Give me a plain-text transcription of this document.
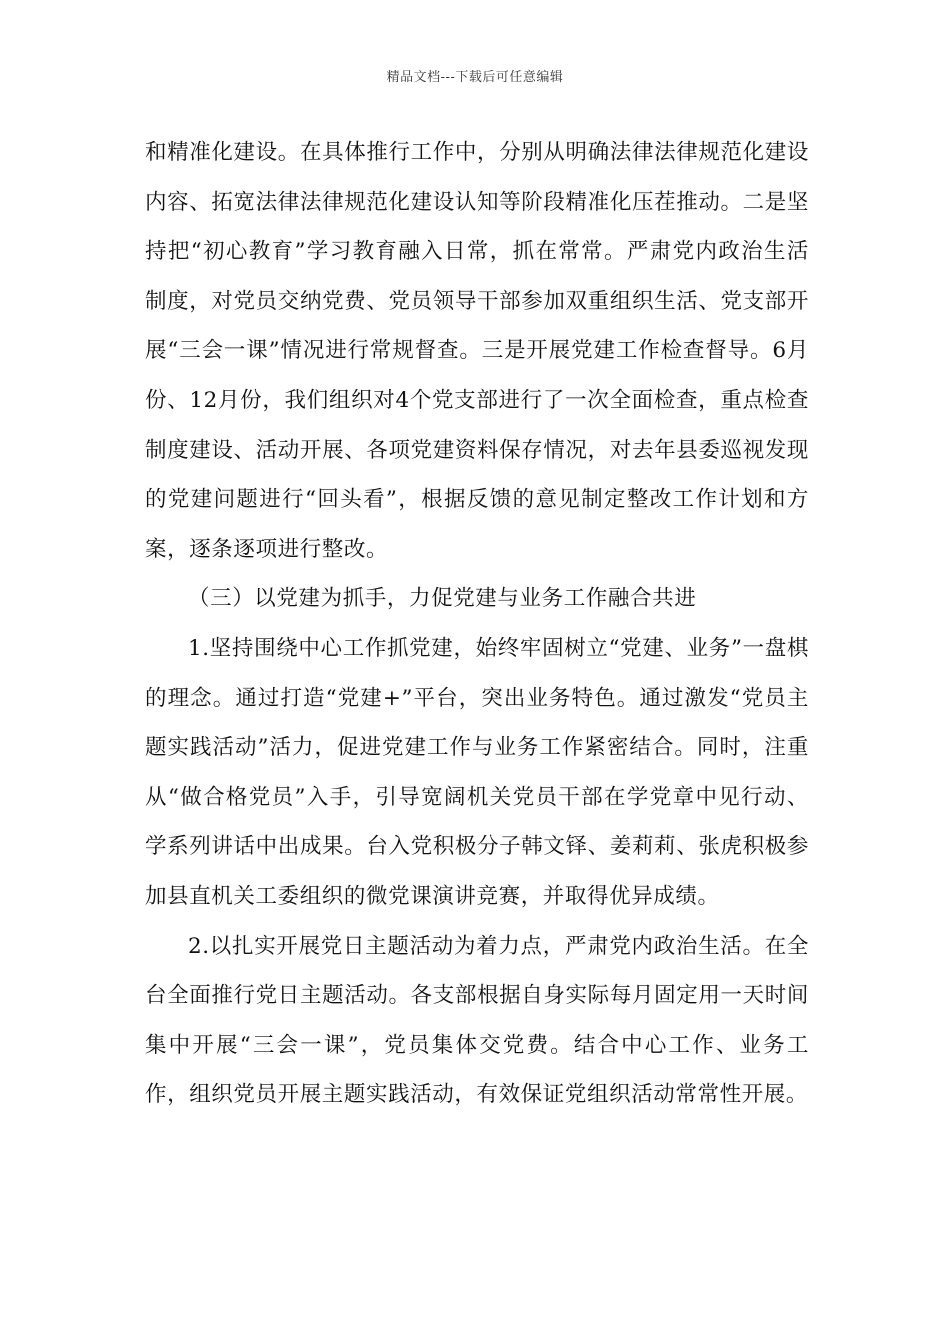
精品文档---下载后可任意编辑

和精准化建设。在具体推行工作中，分别从明确法律法律规范化建设内容、拓宽法律法律规范化建设认知等阶段精准化压茬推动。二是坚持把“初心教育”学习教育融入日常，抓在常常。严肃党内政治生活制度，对党员交纳党费、党员领导干部参加双重组织生活、党支部开展“三会一课”情况进行常规督查。三是开展党建工作检查督导。6月份、12月份，我们组织对4个党支部进行了一次全面检查，重点检查制度建设、活动开展、各项党建资料保存情况，对去年县委巡视发现的党建问题进行“回头看”，根据反馈的意见制定整改工作计划和方案，逐条逐项进行整改。

（三）以党建为抓手，力促党建与业务工作融合共进

1.坚持围绕中心工作抓党建，始终牢固树立“党建、业务”一盘棋的理念。通过打造“党建+”平台，突出业务特色。通过激发“党员主题实践活动”活力，促进党建工作与业务工作紧密结合。同时，注重从“做合格党员”入手，引导宽阔机关党员干部在学党章中见行动、学系列讲话中出成果。台入党积极分子韩文铎、姜莉莉、张虎积极参加县直机关工委组织的微党课演讲竞赛，并取得优异成绩。

2.以扎实开展党日主题活动为着力点，严肃党内政治生活。在全台全面推行党日主题活动。各支部根据自身实际每月固定用一天时间集中开展“三会一课”，党员集体交党费。结合中心工作、业务工作，组织党员开展主题实践活动，有效保证党组织活动常常性开展。
